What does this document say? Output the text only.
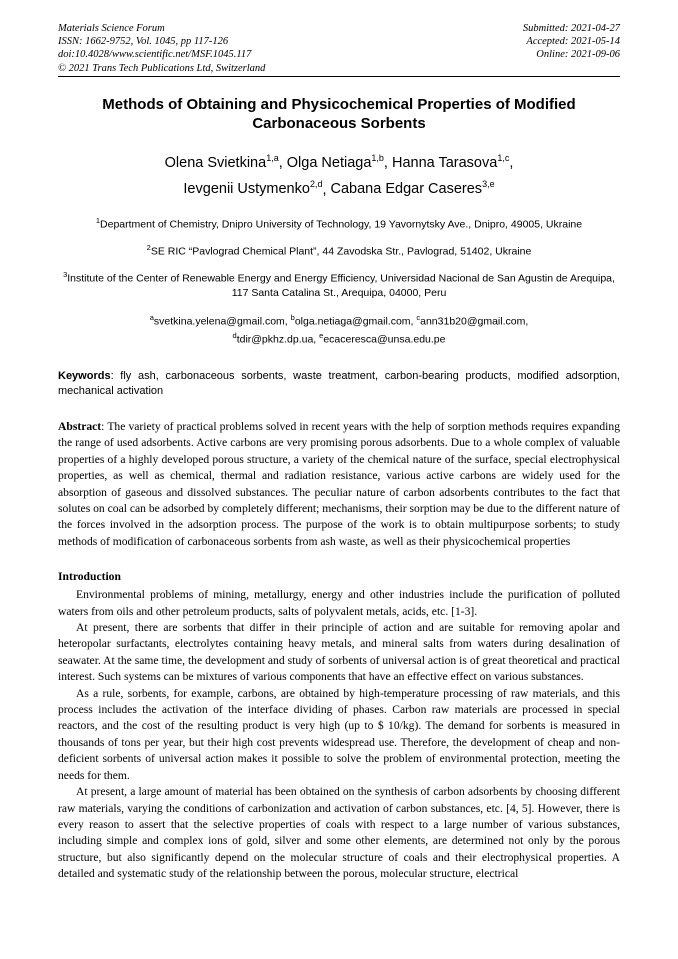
Materials Science Forum
ISSN: 1662-9752, Vol. 1045, pp 117-126
doi:10.4028/www.scientific.net/MSF.1045.117
© 2021 Trans Tech Publications Ltd, Switzerland
Submitted: 2021-04-27
Accepted: 2021-05-14
Online: 2021-09-06
Methods of Obtaining and Physicochemical Properties of Modified Carbonaceous Sorbents
Olena Svietkina$^{1,a}$, Olga Netiaga$^{1,b}$, Hanna Tarasova$^{1,c}$,
Ievgenii Ustymenko$^{2,d}$, Cabana Edgar Caseres$^{3,e}$
$^1$Department of Chemistry, Dnipro University of Technology, 19 Yavornytsky Ave., Dnipro, 49005, Ukraine
$^2$SE RIC “Pavlograd Chemical Plant”, 44 Zavodska Str., Pavlograd, 51402, Ukraine
$^3$Institute of the Center of Renewable Energy and Energy Efficiency, Universidad Nacional de San Agustin de Arequipa, 117 Santa Catalina St., Arequipa, 04000, Peru
$^a$svetkina.yelena@gmail.com, $^b$olga.netiaga@gmail.com, $^c$ann31b20@gmail.com,
$^d$tdir@pkhz.dp.ua, $^e$ecaceresca@unsa.edu.pe
Keywords: fly ash, carbonaceous sorbents, waste treatment, carbon-bearing products, modified adsorption, mechanical activation
Abstract: The variety of practical problems solved in recent years with the help of sorption methods requires expanding the range of used adsorbents. Active carbons are very promising porous adsorbents. Due to a whole complex of valuable properties of a highly developed porous structure, a variety of the chemical nature of the surface, special electrophysical properties, as well as chemical, thermal and radiation resistance, various active carbons are widely used for the absorption of gaseous and dissolved substances. The peculiar nature of carbon adsorbents contributes to the fact that solutes on coal can be adsorbed by completely different; mechanisms, their sorption may be due to the different nature of the forces involved in the adsorption process. The purpose of the work is to obtain multipurpose sorbents; to study methods of modification of carbonaceous sorbents from ash waste, as well as their physicochemical properties
Introduction

Environmental problems of mining, metallurgy, energy and other industries include the purification of polluted waters from oils and other petroleum products, salts of polyvalent metals, acids, etc. [1-3].

At present, there are sorbents that differ in their principle of action and are suitable for removing apolar and heteropolar surfactants, electrolytes containing heavy metals, and mineral salts from waters during desalination of seawater. At the same time, the development and study of sorbents of universal action is of great theoretical and practical interest. Such systems can be mixtures of various components that have an effective effect on various substances.

As a rule, sorbents, for example, carbons, are obtained by high-temperature processing of raw materials, and this process includes the activation of the interface dividing of phases. Carbon raw materials are processed in special reactors, and the cost of the resulting product is very high (up to $ 10/kg). The demand for sorbents is measured in thousands of tons per year, but their high cost prevents widespread use. Therefore, the development of cheap and non-deficient sorbents of universal action makes it possible to solve the problem of environmental protection, meeting the needs for them.

At present, a large amount of material has been obtained on the synthesis of carbon adsorbents by choosing different raw materials, varying the conditions of carbonization and activation of carbon substances, etc. [4, 5]. However, there is every reason to assert that the selective properties of coals with respect to a large number of various substances, including simple and complex ions of gold, silver and some other elements, are determined not only by the porous structure, but also significantly depend on the molecular structure of coals and their electrophysical properties. A detailed and systematic study of the relationship between the porous, molecular structure, electrical
